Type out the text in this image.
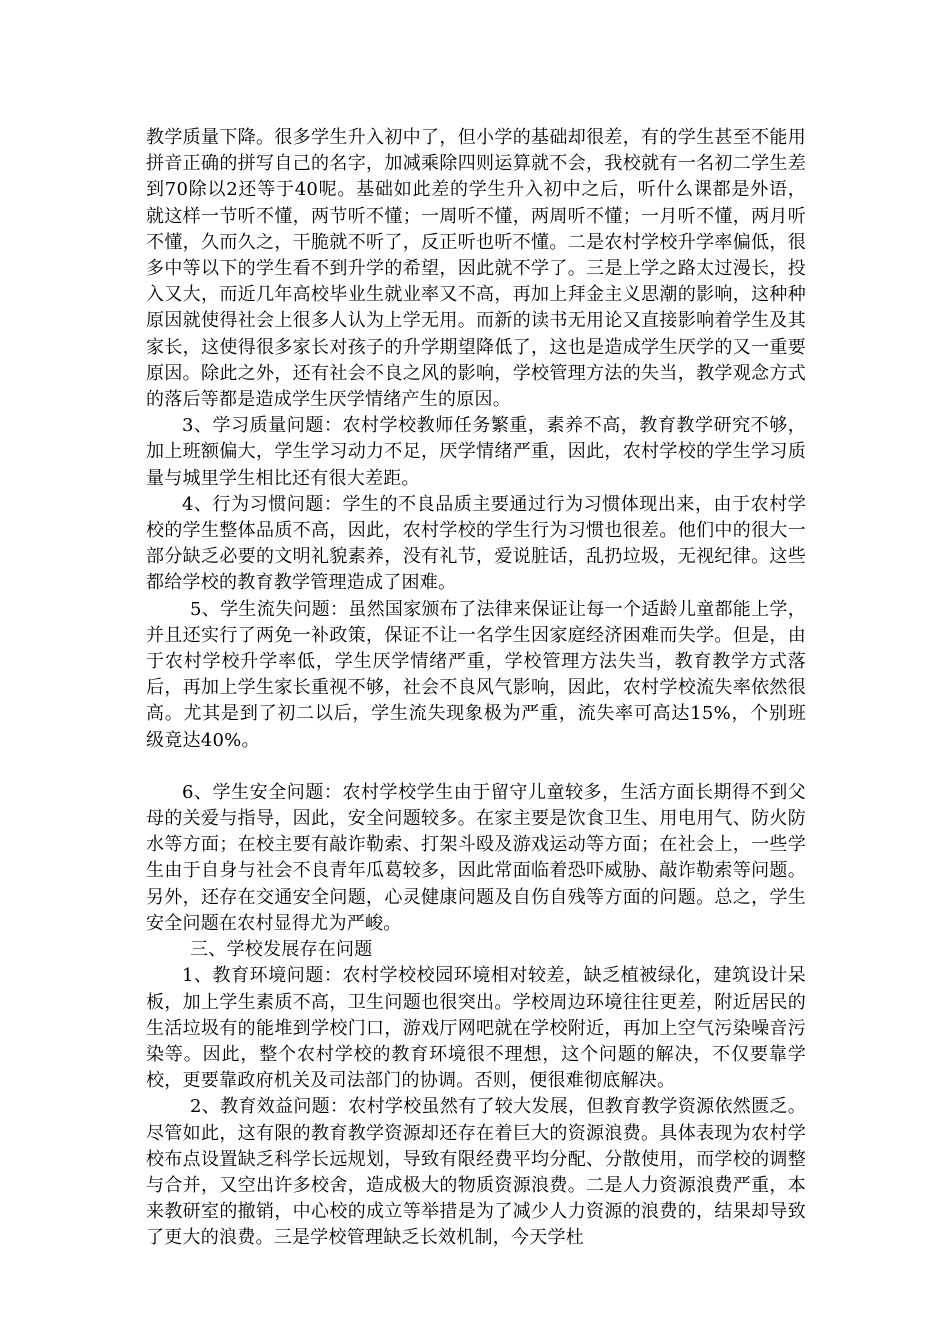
教学质量下降。很多学生升入初中了，但小学的基础却很差，有的学生甚至不能用拼音正确的拼写自己的名字，加减乘除四则运算就不会，我校就有一名初二学生差到70除以2还等于40呢。基础如此差的学生升入初中之后，听什么课都是外语，就这样一节听不懂，两节听不懂；一周听不懂，两周听不懂；一月听不懂，两月听不懂，久而久之，干脆就不听了，反正听也听不懂。二是农村学校升学率偏低，很多中等以下的学生看不到升学的希望，因此就不学了。三是上学之路太过漫长，投入又大，而近几年高校毕业生就业率又不高，再加上拜金主义思潮的影响，这种种原因就使得社会上很多人认为上学无用。而新的读书无用论又直接影响着学生及其家长，这使得很多家长对孩子的升学期望降低了，这也是造成学生厌学的又一重要原因。除此之外，还有社会不良之风的影响，学校管理方法的失当，教学观念方式的落后等都是造成学生厌学情绪产生的原因。

3、学习质量问题：农村学校教师任务繁重，素养不高，教育教学研究不够，加上班额偏大，学生学习动力不足，厌学情绪严重，因此，农村学校的学生学习质量与城里学生相比还有很大差距。

4、行为习惯问题：学生的不良品质主要通过行为习惯体现出来，由于农村学校的学生整体品质不高，因此，农村学校的学生行为习惯也很差。他们中的很大一部分缺乏必要的文明礼貌素养，没有礼节，爱说脏话，乱扔垃圾，无视纪律。这些都给学校的教育教学管理造成了困难。

5、学生流失问题：虽然国家颁布了法律来保证让每一个适龄儿童都能上学，并且还实行了两免一补政策，保证不让一名学生因家庭经济困难而失学。但是，由于农村学校升学率低，学生厌学情绪严重，学校管理方法失当，教育教学方式落后，再加上学生家长重视不够，社会不良风气影响，因此，农村学校流失率依然很高。尤其是到了初二以后，学生流失现象极为严重，流失率可高达15%，个别班级竟达40%。

6、学生安全问题：农村学校学生由于留守儿童较多，生活方面长期得不到父母的关爱与指导，因此，安全问题较多。在家主要是饮食卫生、用电用气、防火防水等方面；在校主要有敲诈勒索、打架斗殴及游戏运动等方面；在社会上，一些学生由于自身与社会不良青年瓜葛较多，因此常面临着恐吓威胁、敲诈勒索等问题。另外，还存在交通安全问题，心灵健康问题及自伤自残等方面的问题。总之，学生安全问题在农村显得尤为严峻。

三、学校发展存在问题

1、教育环境问题：农村学校校园环境相对较差，缺乏植被绿化，建筑设计呆板，加上学生素质不高，卫生问题也很突出。学校周边环境往往更差，附近居民的生活垃圾有的能堆到学校门口，游戏厅网吧就在学校附近，再加上空气污染噪音污染等。因此，整个农村学校的教育环境很不理想，这个问题的解决，不仅要靠学校，更要靠政府机关及司法部门的协调。否则，便很难彻底解决。

2、教育效益问题：农村学校虽然有了较大发展，但教育教学资源依然匮乏。尽管如此，这有限的教育教学资源却还存在着巨大的资源浪费。具体表现为农村学校布点设置缺乏科学长远规划，导致有限经费平均分配、分散使用，而学校的调整与合并，又空出许多校舍，造成极大的物质资源浪费。二是人力资源浪费严重，本来教研室的撤销，中心校的成立等举措是为了减少人力资源的浪费的，结果却导致了更大的浪费。三是学校管理缺乏长效机制，今天学杜
